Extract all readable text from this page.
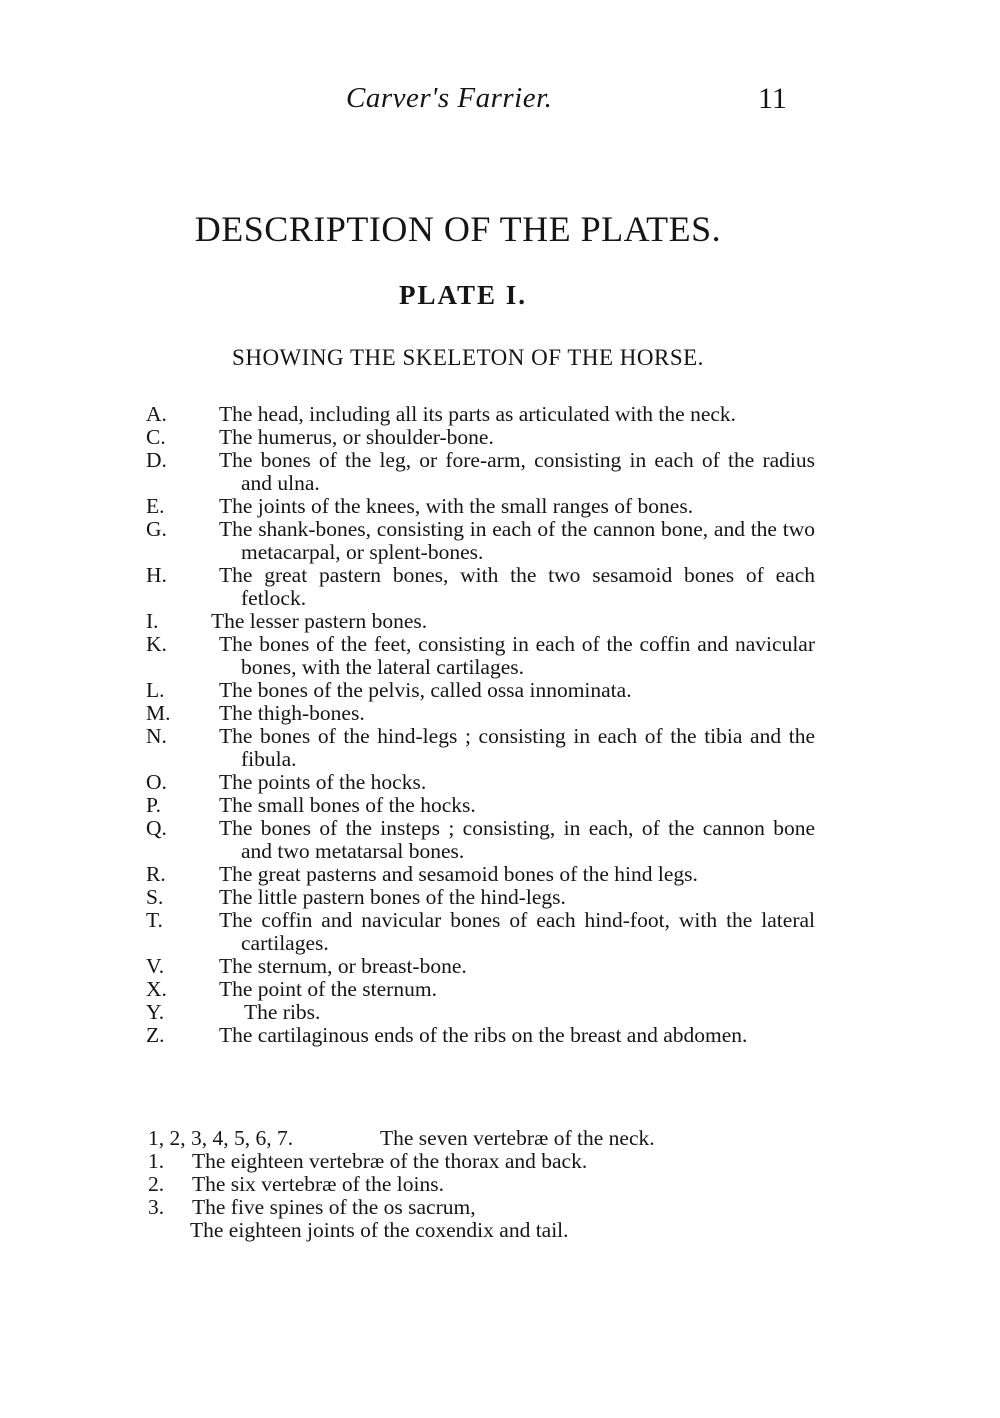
Carver's Farrier.	11
DESCRIPTION OF THE PLATES.
PLATE I.
SHOWING THE SKELETON OF THE HORSE.
A. The head, including all its parts as articulated with the neck.
C. The humerus, or shoulder-bone.
D. The bones of the leg, or fore-arm, consisting in each of the radius and ulna.
E.	The joints of the knees, with the small ranges of bones.
G. The shank-bones, consisting in each of the cannon bone, and the two metacarpal, or splent-bones.
H. The great pastern bones, with the two sesamoid bones of each fetlock.
I. The lesser pastern bones.
K. The bones of the feet, consisting in each of the coffin and navicular bones, with the lateral cartilages.
L.	The bones of the pelvis, called ossa innominata.
M. The thigh-bones.
N. The bones of the hind-legs ; consisting in each of the tibia and the fibula.
O. The points of the hocks.
P.	The small bones of the hocks.
Q. The bones of the insteps ; consisting, in each, of the cannon bone and two metatarsal bones.
R. The great pasterns and sesamoid bones of the hind legs.
S.	The little pastern bones of the hind-legs.
T.	The coffin and navicular bones of each hind-foot, with the lateral cartilages.
V.	The sternum, or breast-bone.
X. The point of the sternum.
Y.	The ribs.
Z.	The cartilaginous ends of the ribs on the breast and abdomen.
1, 2, 3, 4, 5, 6, 7.	The seven vertebræ of the neck.
1. The eighteen vertebræ of the thorax and back.
2. The six vertebræ of the loins.
3. The five spines of the os sacrum,
The eighteen joints of the coxendix and tail.
